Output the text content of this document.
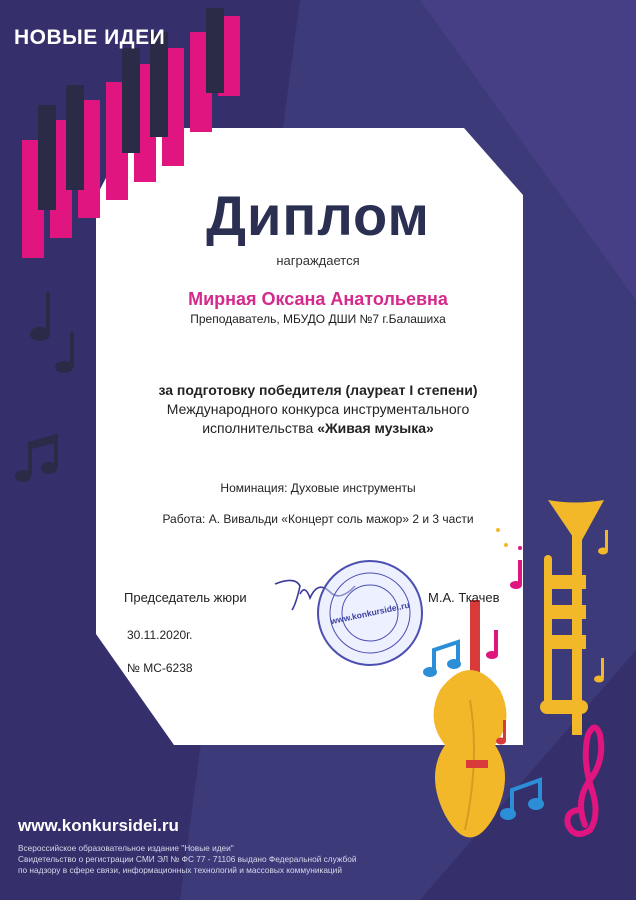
НОВЫЕ ИДЕИ
Диплом
награждается
Мирная Оксана Анатольевна
Преподаватель, МБУДО ДШИ №7 г.Балашиха
за подготовку победителя (лауреат I степени)
Международного конкурса инструментального
исполнительства «Живая музыка»
Номинация: Духовые инструменты
Работа: А. Вивальди «Концерт соль мажор» 2 и 3 части
Председатель жюри	М.А. Ткачев
www.konkursidei.ru
30.11.2020г.
№ МС-6238
www.konkursidei.ru
Всероссийское образовательное издание "Новые идеи"
Свидетельство о регистрации СМИ ЭЛ № ФС 77 - 71106 выдано Федеральной службой
по надзору в сфере связи, информационных технологий и массовых коммуникаций
